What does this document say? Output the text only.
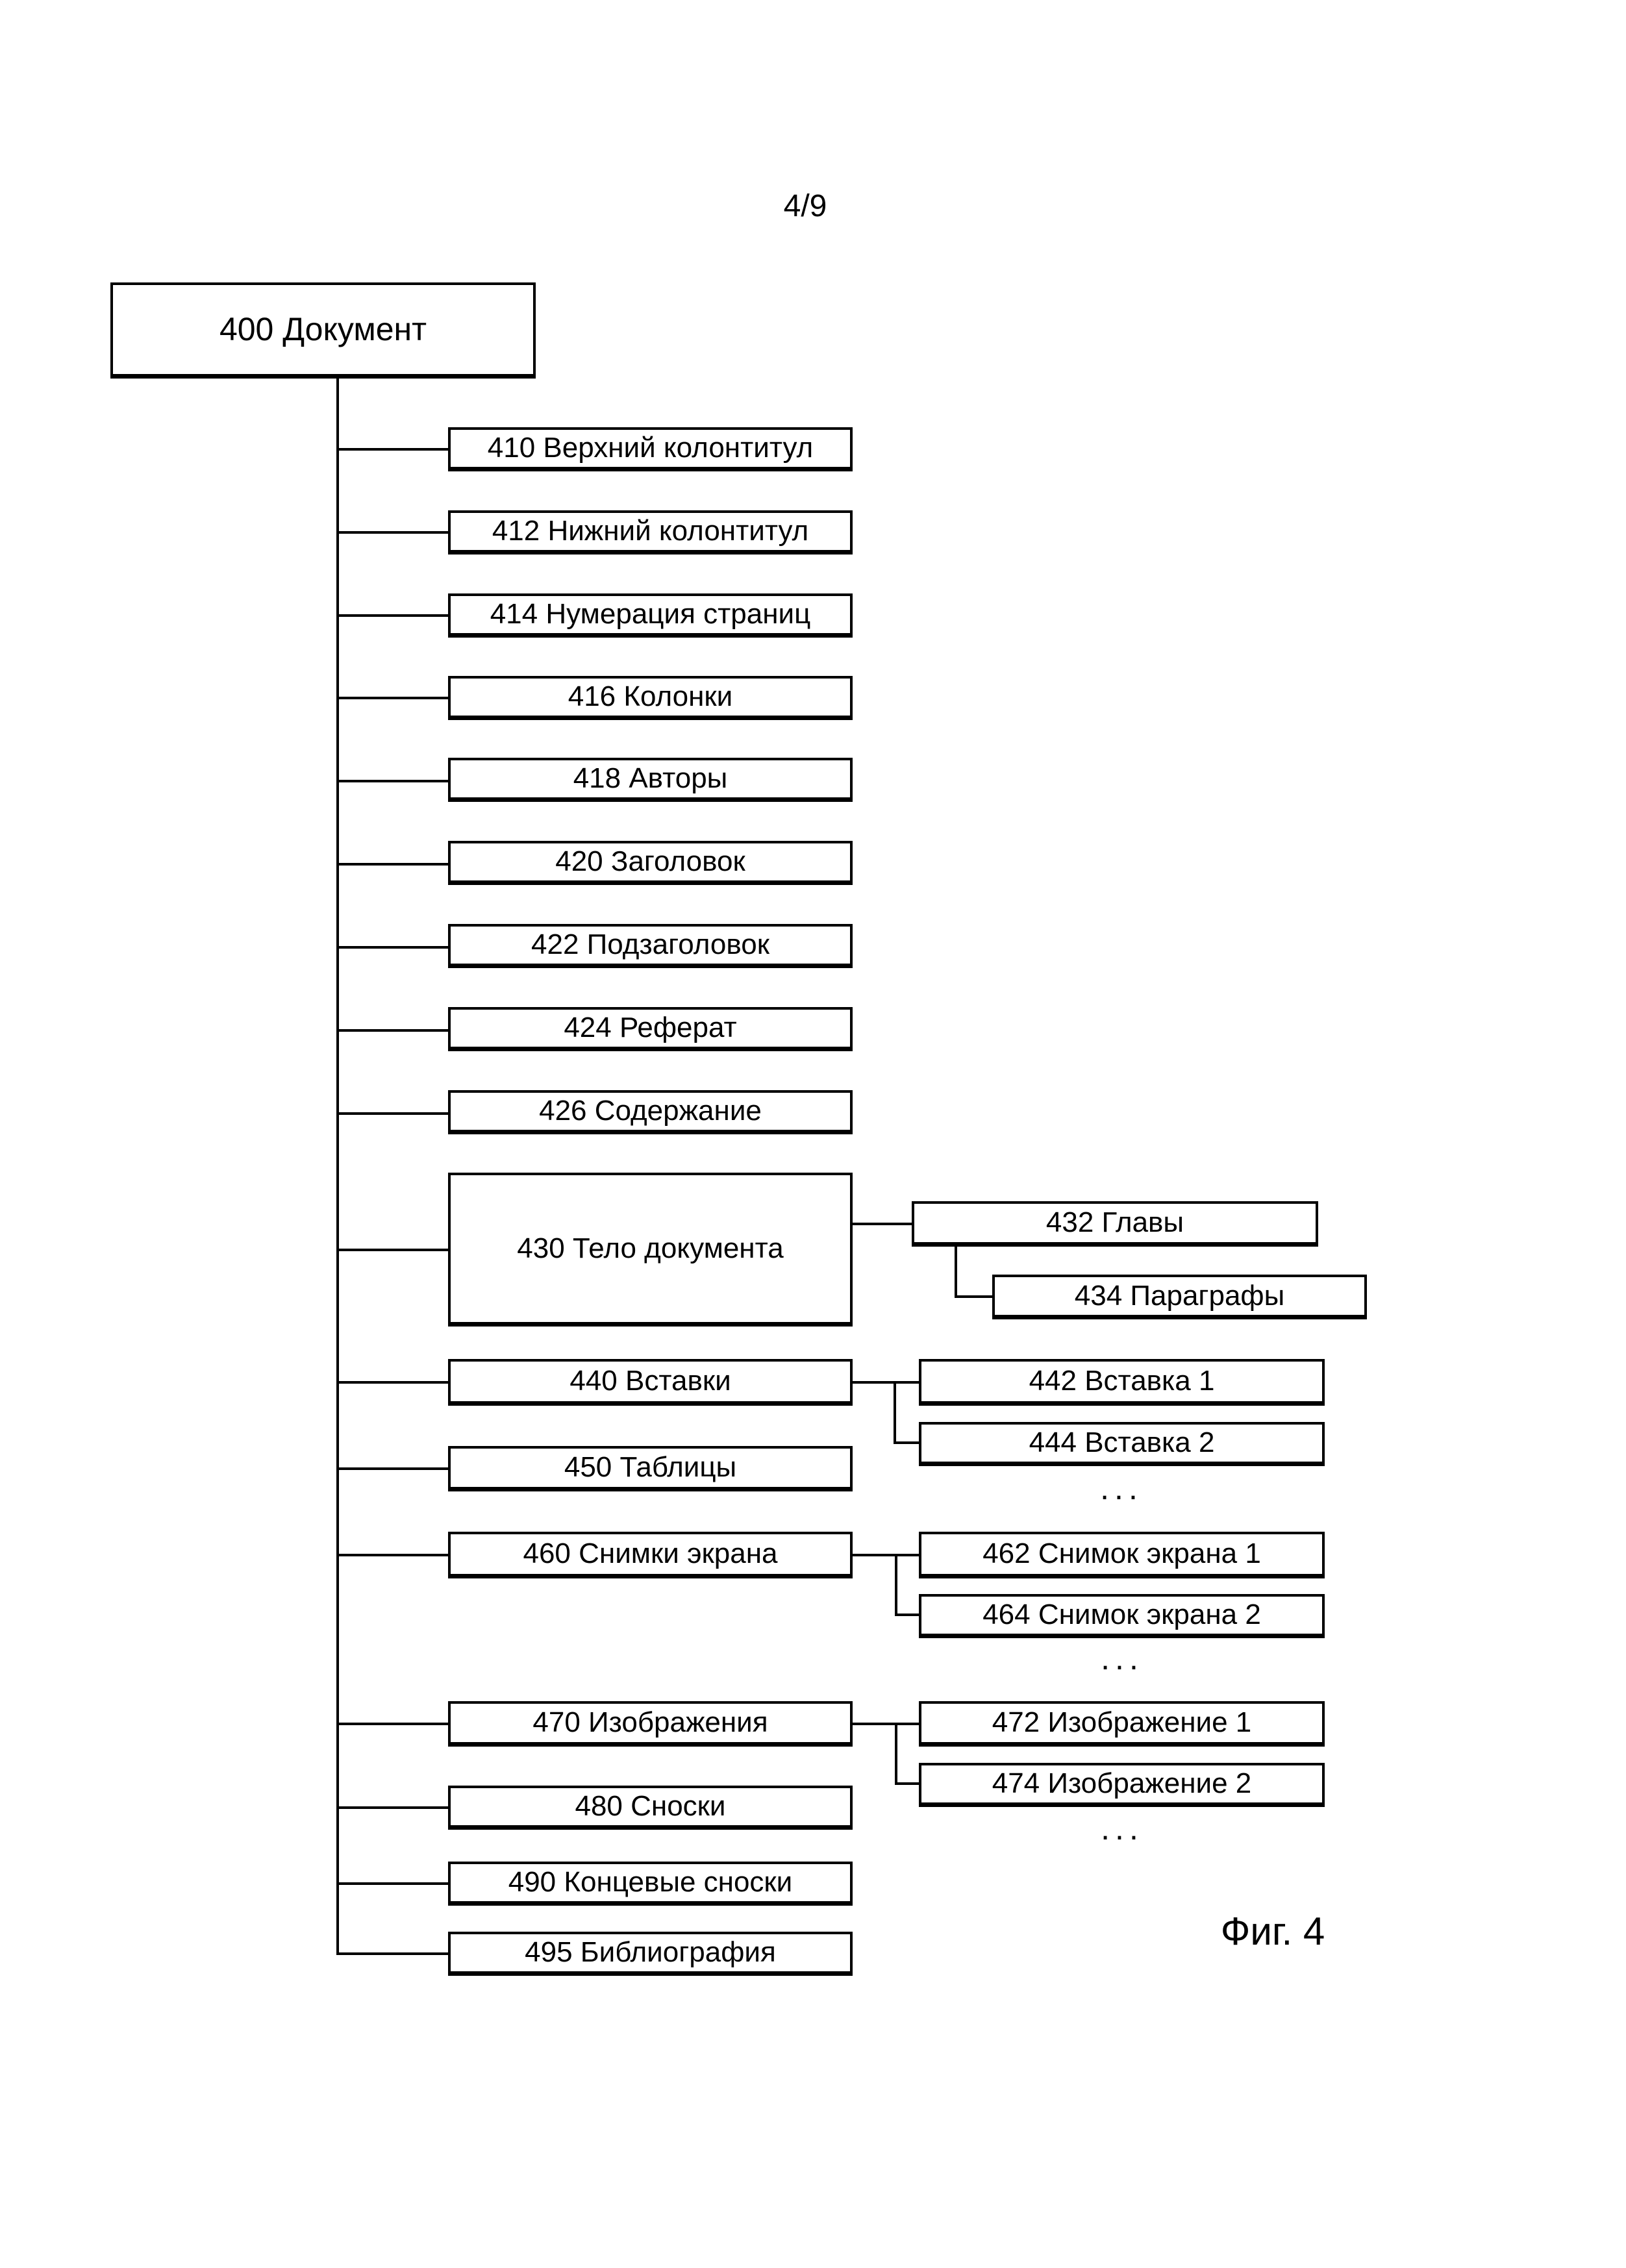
4/9
400 Документ
410 Верхний колонтитул
412 Нижний колонтитул
414 Нумерация страниц
416 Колонки
418 Авторы
420 Заголовок
422 Подзаголовок
424 Реферат
426 Содержание
430 Тело документа
440 Вставки
450 Таблицы
460 Снимки экрана
470 Изображения
480 Сноски
490 Концевые сноски
495 Библиография
432 Главы
434 Параграфы
442 Вставка 1
444 Вставка 2
462 Снимок экрана 1
464 Снимок экрана 2
472 Изображение 1
474 Изображение 2
...
...
...
Фиг. 4
